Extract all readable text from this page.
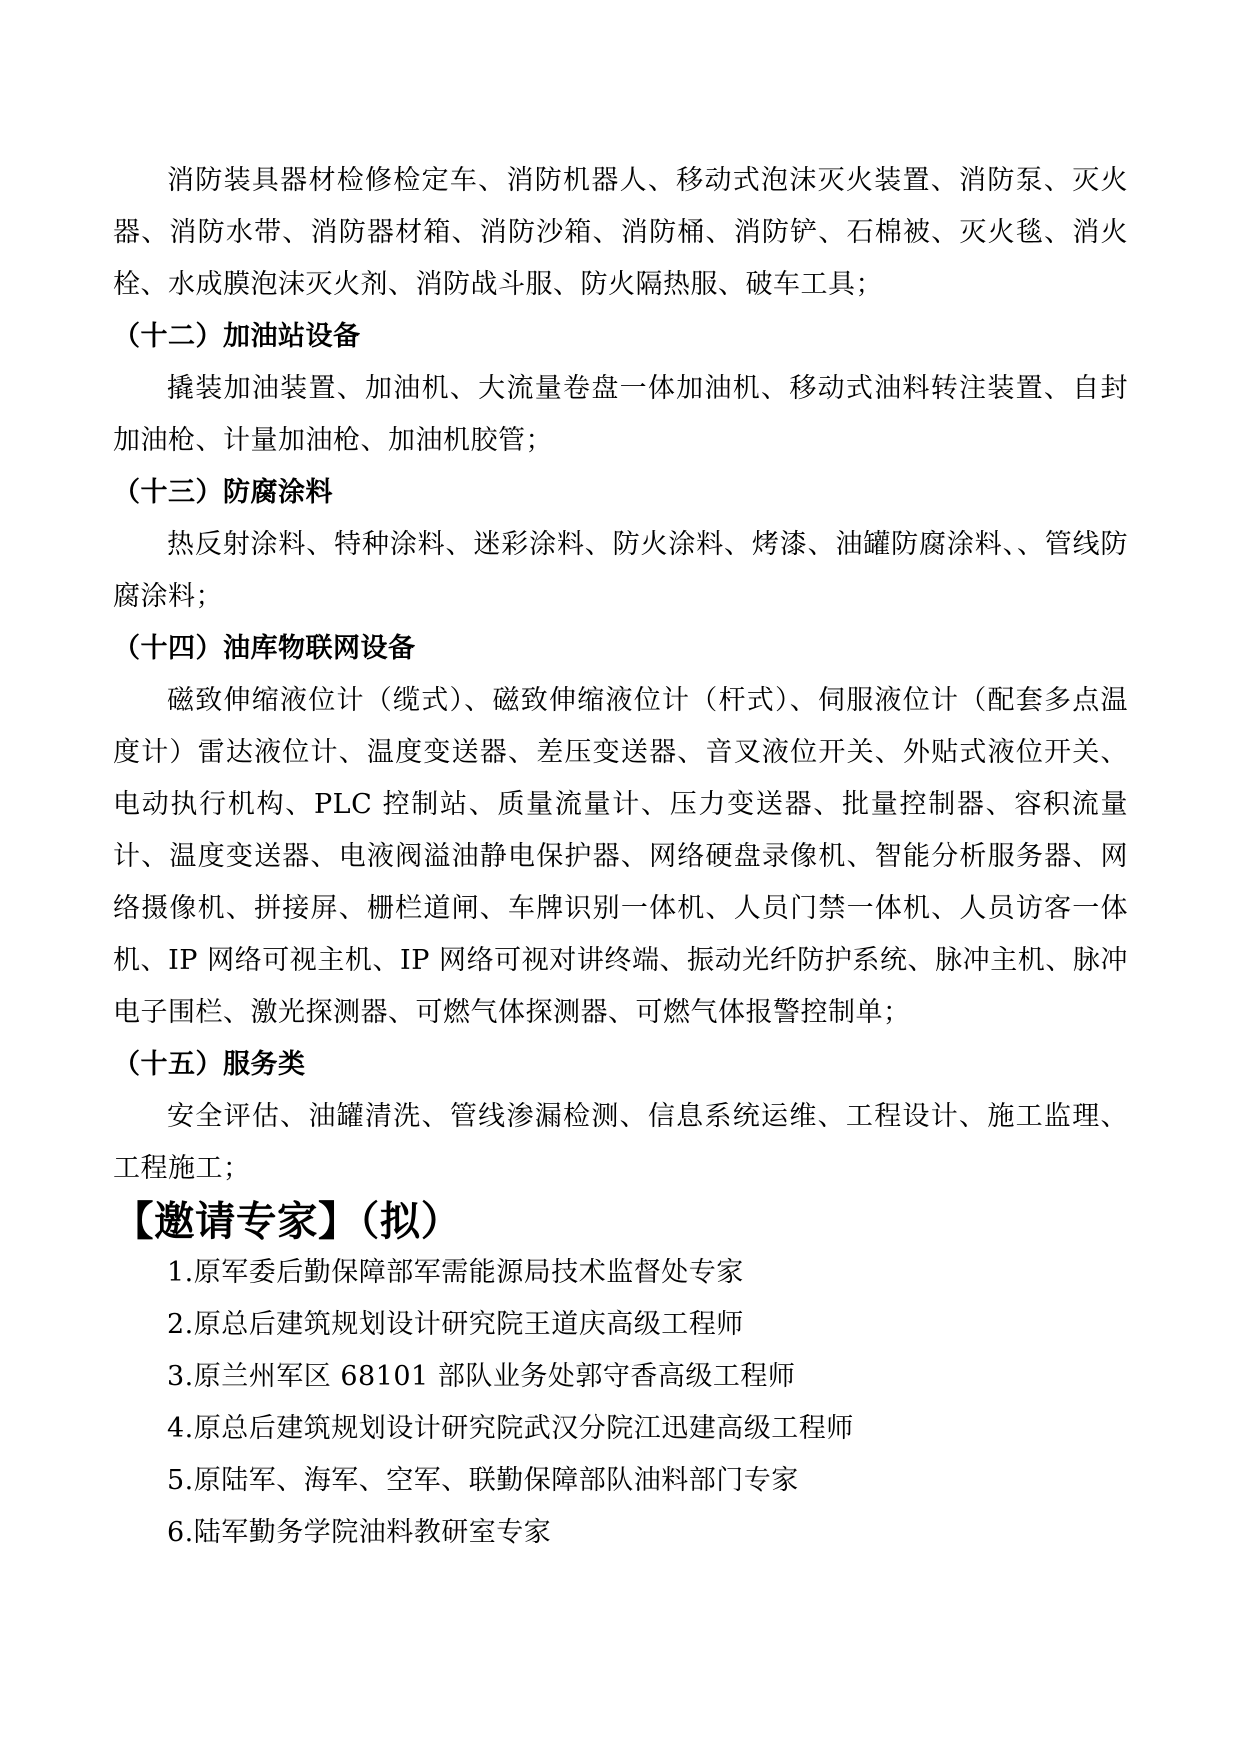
消防装具器材检修检定车、消防机器人、移动式泡沫灭火装置、消防泵、灭火器、消防水带、消防器材箱、消防沙箱、消防桶、消防铲、石棉被、灭火毯、消火栓、水成膜泡沫灭火剂、消防战斗服、防火隔热服、破车工具；

（十二）加油站设备

撬装加油装置、加油机、大流量卷盘一体加油机、移动式油料转注装置、自封加油枪、计量加油枪、加油机胶管；

（十三）防腐涂料

热反射涂料、特种涂料、迷彩涂料、防火涂料、烤漆、油罐防腐涂料、、管线防腐涂料；

（十四）油库物联网设备

磁致伸缩液位计（缆式）、磁致伸缩液位计（杆式）、伺服液位计（配套多点温度计）雷达液位计、温度变送器、差压变送器、音叉液位开关、外贴式液位开关、电动执行机构、PLC 控制站、质量流量计、压力变送器、批量控制器、容积流量计、温度变送器、电液阀溢油静电保护器、网络硬盘录像机、智能分析服务器、网络摄像机、拼接屏、栅栏道闸、车牌识别一体机、人员门禁一体机、人员访客一体机、IP 网络可视主机、IP 网络可视对讲终端、振动光纤防护系统、脉冲主机、脉冲电子围栏、激光探测器、可燃气体探测器、可燃气体报警控制单；

（十五）服务类

安全评估、油罐清洗、管线渗漏检测、信息系统运维、工程设计、施工监理、工程施工；

【邀请专家】（拟）
1.原军委后勤保障部军需能源局技术监督处专家
2.原总后建筑规划设计研究院王道庆高级工程师
3.原兰州军区 68101 部队业务处郭守香高级工程师
4.原总后建筑规划设计研究院武汉分院江迅建高级工程师
5.原陆军、海军、空军、联勤保障部队油料部门专家
6.陆军勤务学院油料教研室专家
